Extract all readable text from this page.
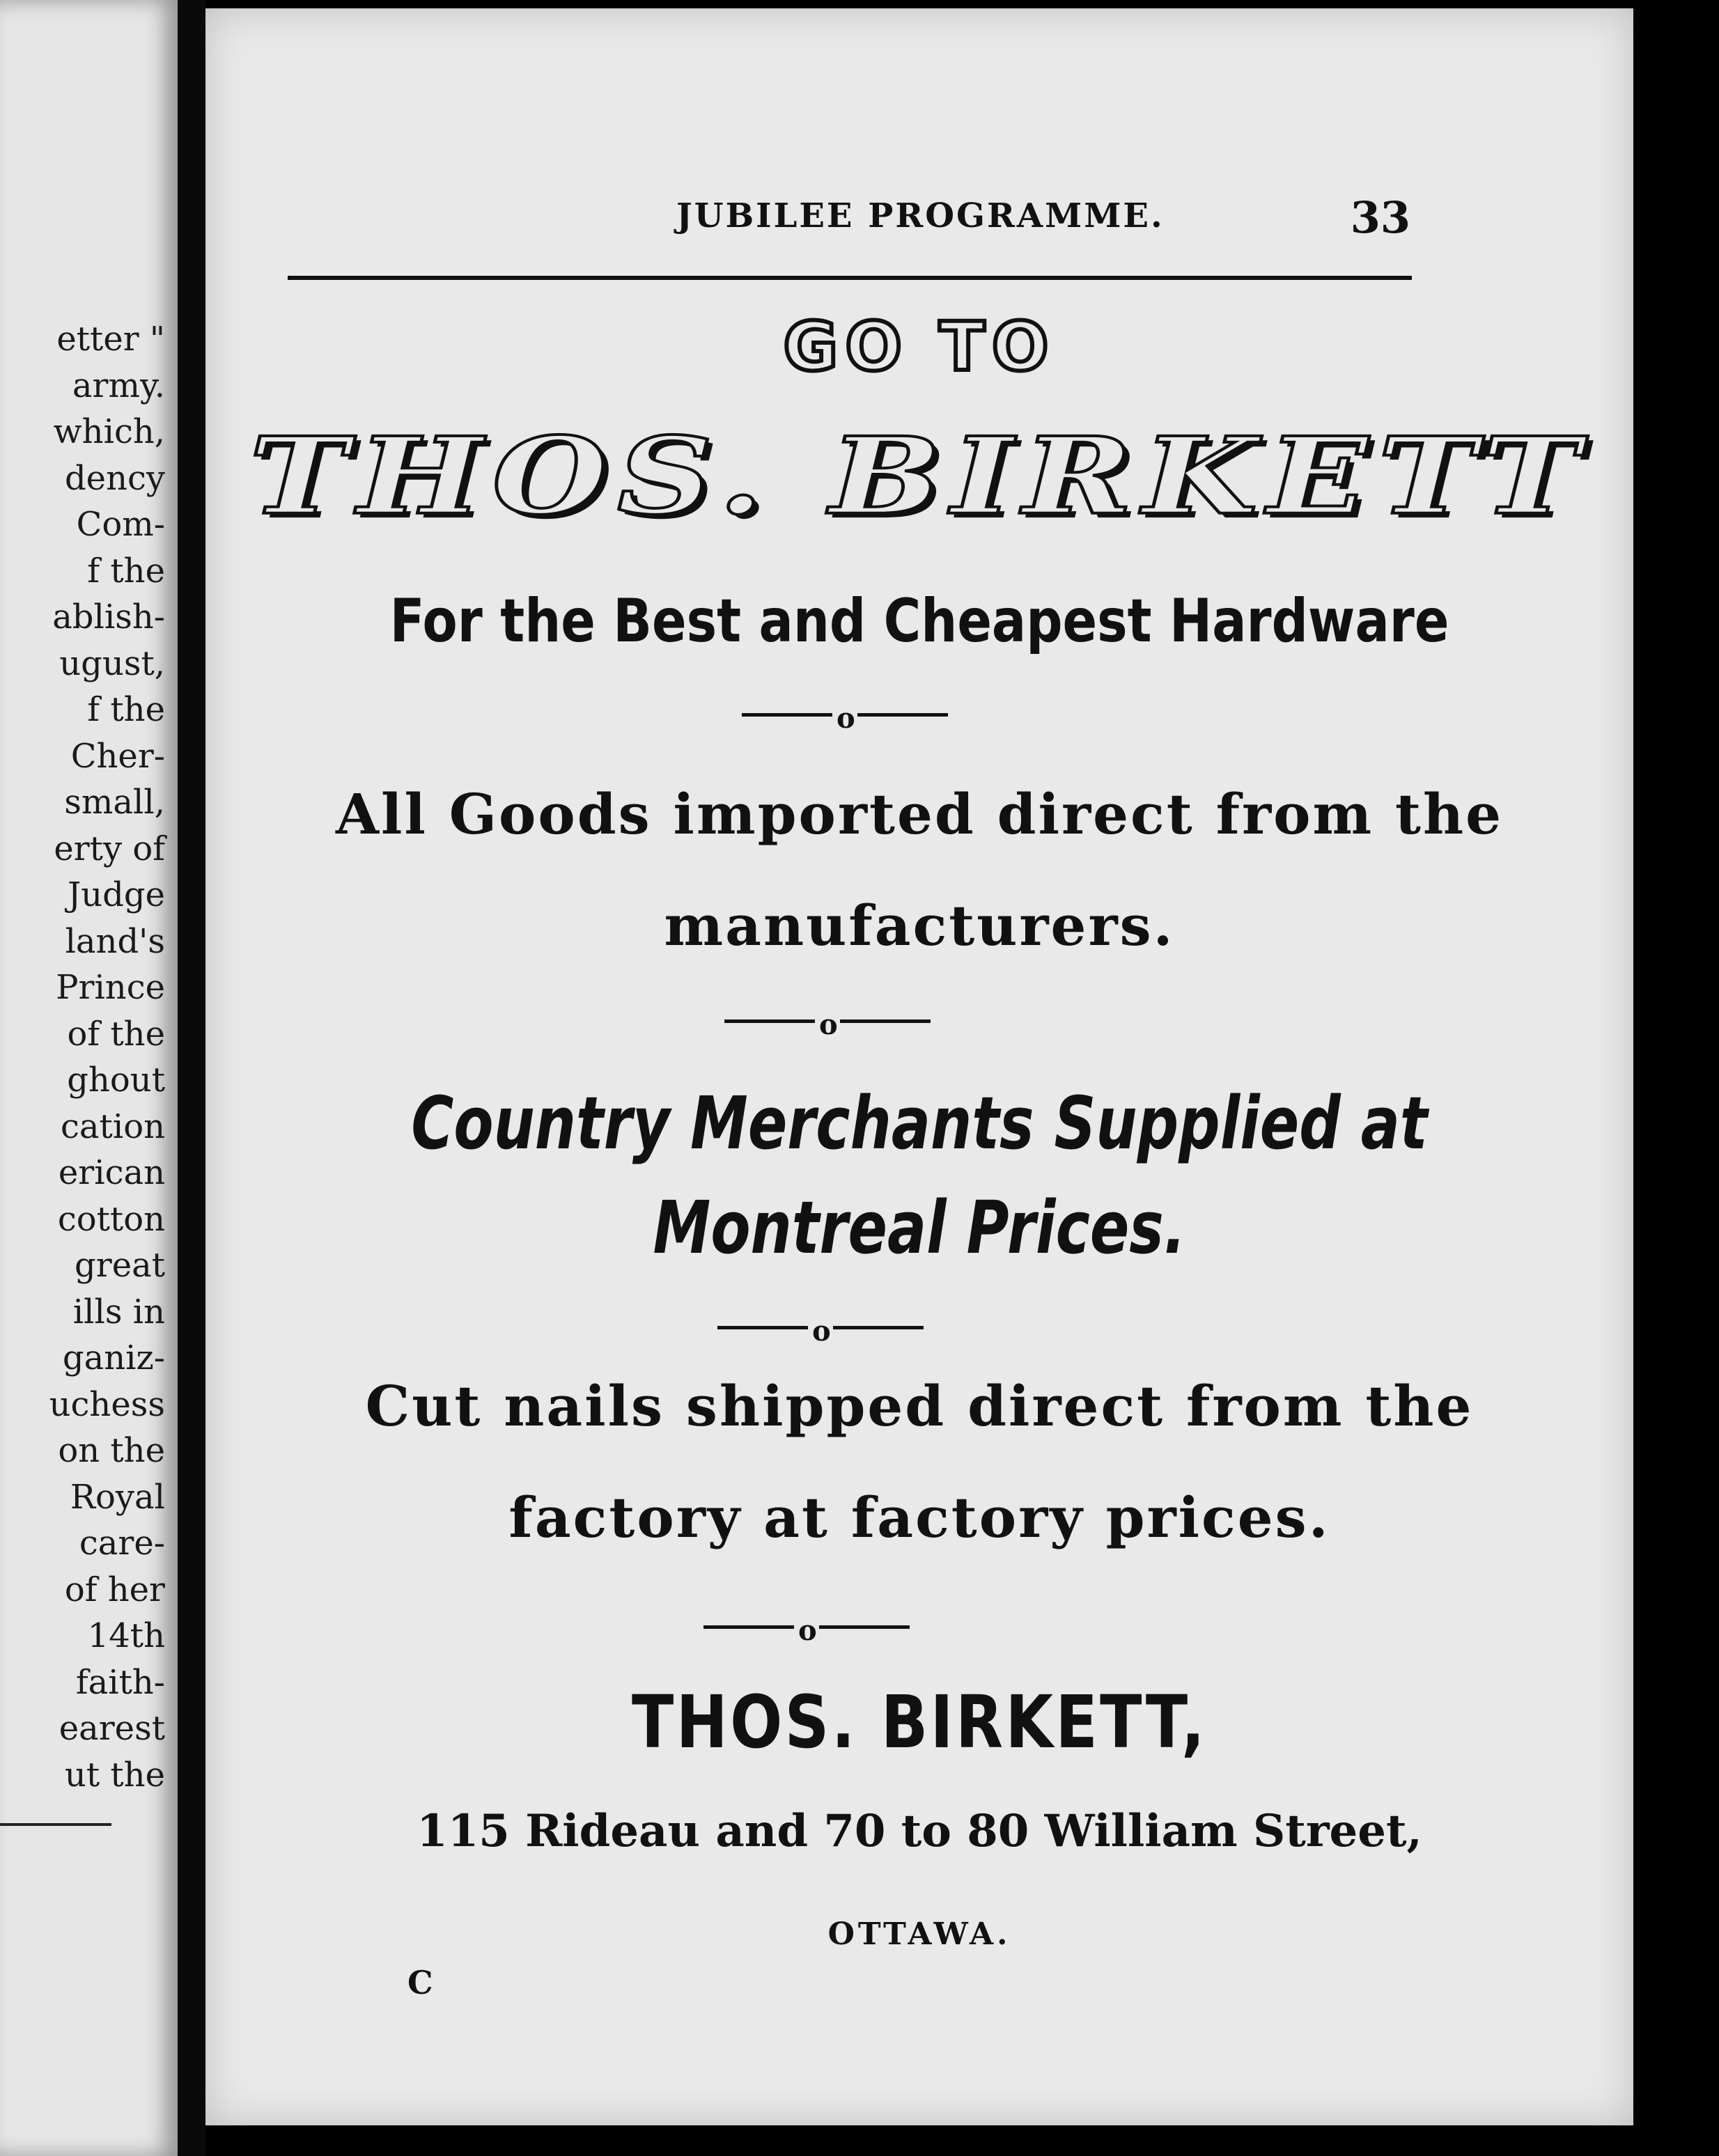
etter "
army.
which,
dency
Com-
f the
ablish-
ugust,
f the
Cher-
small,
erty of
Judge
land's
Prince
of the
ghout
cation
erican
cotton
great
ills in
ganiz-
uchess
on the
Royal
care-
of her
14th
faith-
earest
ut the
JUBILEE PROGRAMME.	33
GO TO
THOS. BIRKETT
For the Best and Cheapest Hardware
o
All Goods imported direct from the
manufacturers.
o
Country Merchants Supplied at
Montreal Prices.
o
Cut nails shipped direct from the
factory at factory prices.
o
THOS. BIRKETT,
115 Rideau and 70 to 80 William Street,
OTTAWA.
C
